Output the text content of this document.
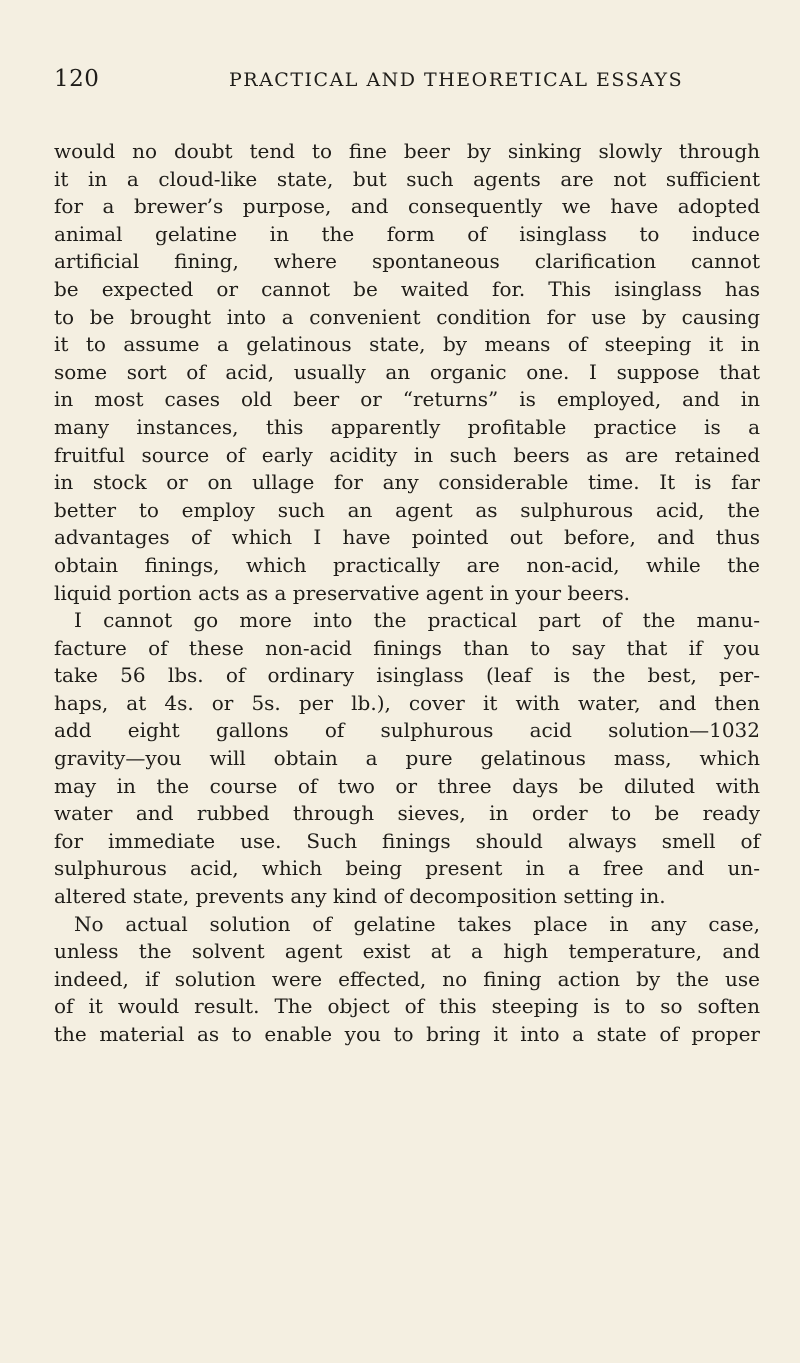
120	PRACTICAL AND THEORETICAL ESSAYS
would no doubt tend to fine beer by sinking slowly through
it in a cloud-like state, but such agents are not sufficient
for a brewer’s purpose, and consequently we have adopted
animal gelatine in the form of isinglass to induce
artificial fining, where spontaneous clarification cannot
be expected or cannot be waited for. This isinglass has
to be brought into a convenient condition for use by causing
it to assume a gelatinous state, by means of steeping it in
some sort of acid, usually an organic one. I suppose that
in most cases old beer or “returns” is employed, and in
many instances, this apparently profitable practice is a
fruitful source of early acidity in such beers as are retained
in stock or on ullage for any considerable time. It is far
better to employ such an agent as sulphurous acid, the
advantages of which I have pointed out before, and thus
obtain finings, which practically are non-acid, while the
liquid portion acts as a preservative agent in your beers.
I cannot go more into the practical part of the manu-
facture of these non-acid finings than to say that if you
take 56 lbs. of ordinary isinglass (leaf is the best, per-
haps, at 4s. or 5s. per lb.), cover it with water, and then
add eight gallons of sulphurous acid solution—1032
gravity—you will obtain a pure gelatinous mass, which
may in the course of two or three days be diluted with
water and rubbed through sieves, in order to be ready
for immediate use. Such finings should always smell of
sulphurous acid, which being present in a free and un-
altered state, prevents any kind of decomposition setting in.
No actual solution of gelatine takes place in any case,
unless the solvent agent exist at a high temperature, and
indeed, if solution were effected, no fining action by the use
of it would result. The object of this steeping is to so soften
the material as to enable you to bring it into a state of proper
